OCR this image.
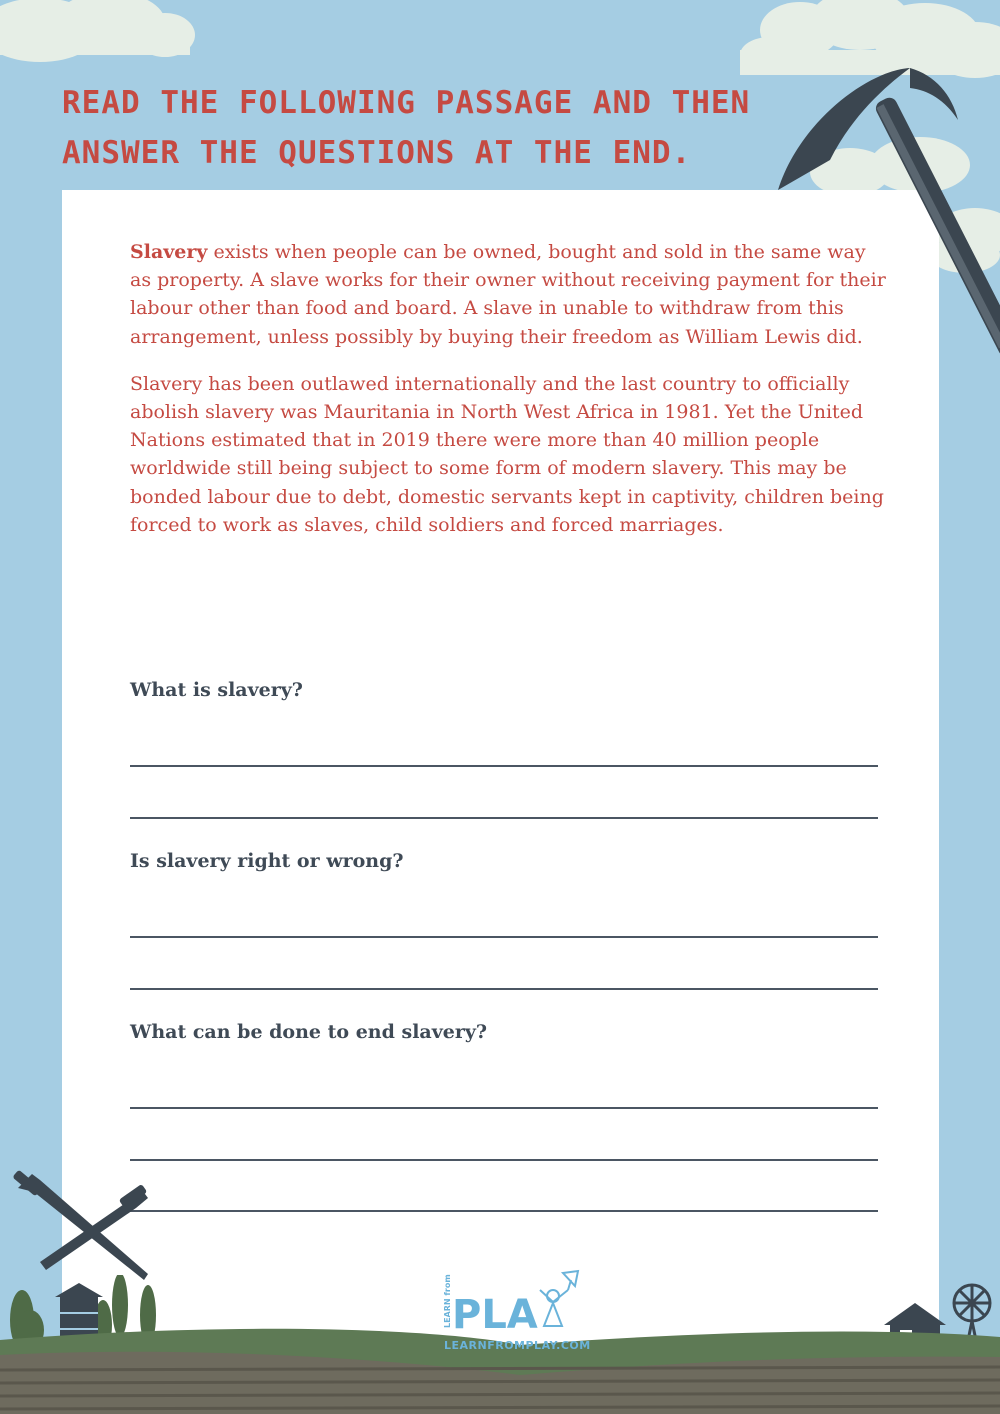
READ THE FOLLOWING PASSAGE AND THEN
ANSWER THE QUESTIONS AT THE END.

Slavery exists when people can be owned, bought and sold in the same way as property. A slave works for their owner without receiving payment for their labour other than food and board. A slave in unable to withdraw from this arrangement, unless possibly by buying their freedom as William Lewis did.

Slavery has been outlawed internationally and the last country to officially abolish slavery was Mauritania in North West Africa in 1981. Yet the United Nations estimated that in 2019 there were more than 40 million people worldwide still being subject to some form of modern slavery. This may be bonded labour due to debt, domestic servants kept in captivity, children being forced to work as slaves, child soldiers and forced marriages.

What is slavery?

Is slavery right or wrong?

What can be done to end slavery?

LEARN from PLA
LEARNFROMPLAY.COM
